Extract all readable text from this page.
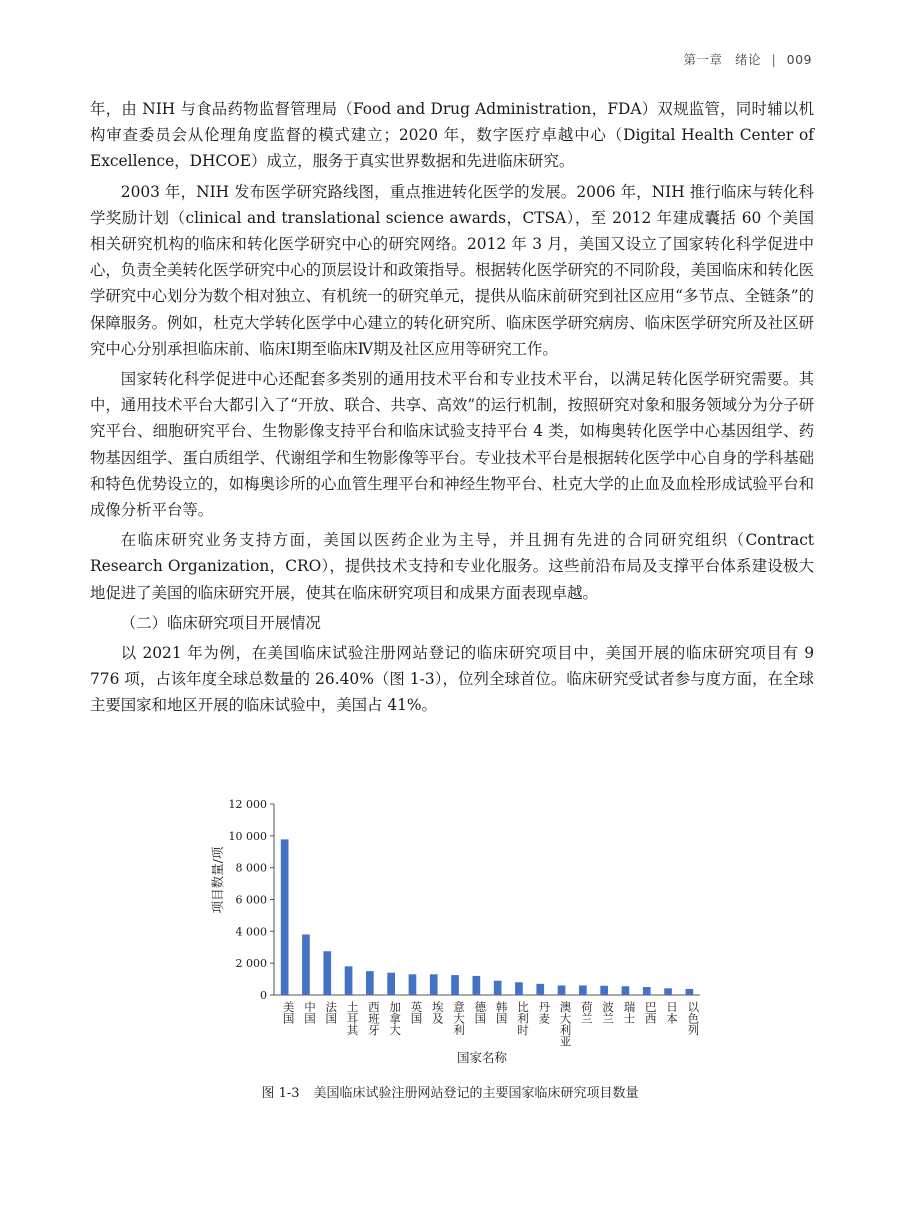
第一章 绪论 | 009

年，由 NIH 与食品药物监督管理局（Food and Drug Administration，FDA）双规监管，同时辅以机构审查委员会从伦理角度监督的模式建立；2020 年，数字医疗卓越中心（Digital Health Center of Excellence，DHCOE）成立，服务于真实世界数据和先进临床研究。

2003 年，NIH 发布医学研究路线图，重点推进转化医学的发展。2006 年，NIH 推行临床与转化科学奖励计划（clinical and translational science awards，CTSA），至 2012 年建成囊括 60 个美国相关研究机构的临床和转化医学研究中心的研究网络。2012 年 3 月，美国又设立了国家转化科学促进中心，负责全美转化医学研究中心的顶层设计和政策指导。根据转化医学研究的不同阶段，美国临床和转化医学研究中心划分为数个相对独立、有机统一的研究单元，提供从临床前研究到社区应用“多节点、全链条”的保障服务。例如，杜克大学转化医学中心建立的转化研究所、临床医学研究病房、临床医学研究所及社区研究中心分别承担临床前、临床Ⅰ期至临床Ⅳ期及社区应用等研究工作。

国家转化科学促进中心还配套多类别的通用技术平台和专业技术平台，以满足转化医学研究需要。其中，通用技术平台大都引入了“开放、联合、共享、高效”的运行机制，按照研究对象和服务领域分为分子研究平台、细胞研究平台、生物影像支持平台和临床试验支持平台 4 类，如梅奥转化医学中心基因组学、药物基因组学、蛋白质组学、代谢组学和生物影像等平台。专业技术平台是根据转化医学中心自身的学科基础和特色优势设立的，如梅奥诊所的心血管生理平台和神经生物平台、杜克大学的止血及血栓形成试验平台和成像分析平台等。

在临床研究业务支持方面，美国以医药企业为主导，并且拥有先进的合同研究组织（Contract Research Organization，CRO），提供技术支持和专业化服务。这些前沿布局及支撑平台体系建设极大地促进了美国的临床研究开展，使其在临床研究项目和成果方面表现卓越。

（二）临床研究项目开展情况

以 2021 年为例，在美国临床试验注册网站登记的临床研究项目中，美国开展的临床研究项目有 9 776 项，占该年度全球总数量的 26.40%（图 1-3），位列全球首位。临床研究受试者参与度方面，在全球主要国家和地区开展的临床试验中，美国占 41%。

0
2 000
4 000
6 000
8 000
10 000
12 000
美国 中国 法国 土耳其 西班牙 加拿大 英国 埃及 意大利 德国 韩国 比利时 丹麦 澳大利亚 荷兰 波兰 瑞士 巴西 日本 以色列
项目数量/项
国家名称
图 1-3 美国临床试验注册网站登记的主要国家临床研究项目数量
